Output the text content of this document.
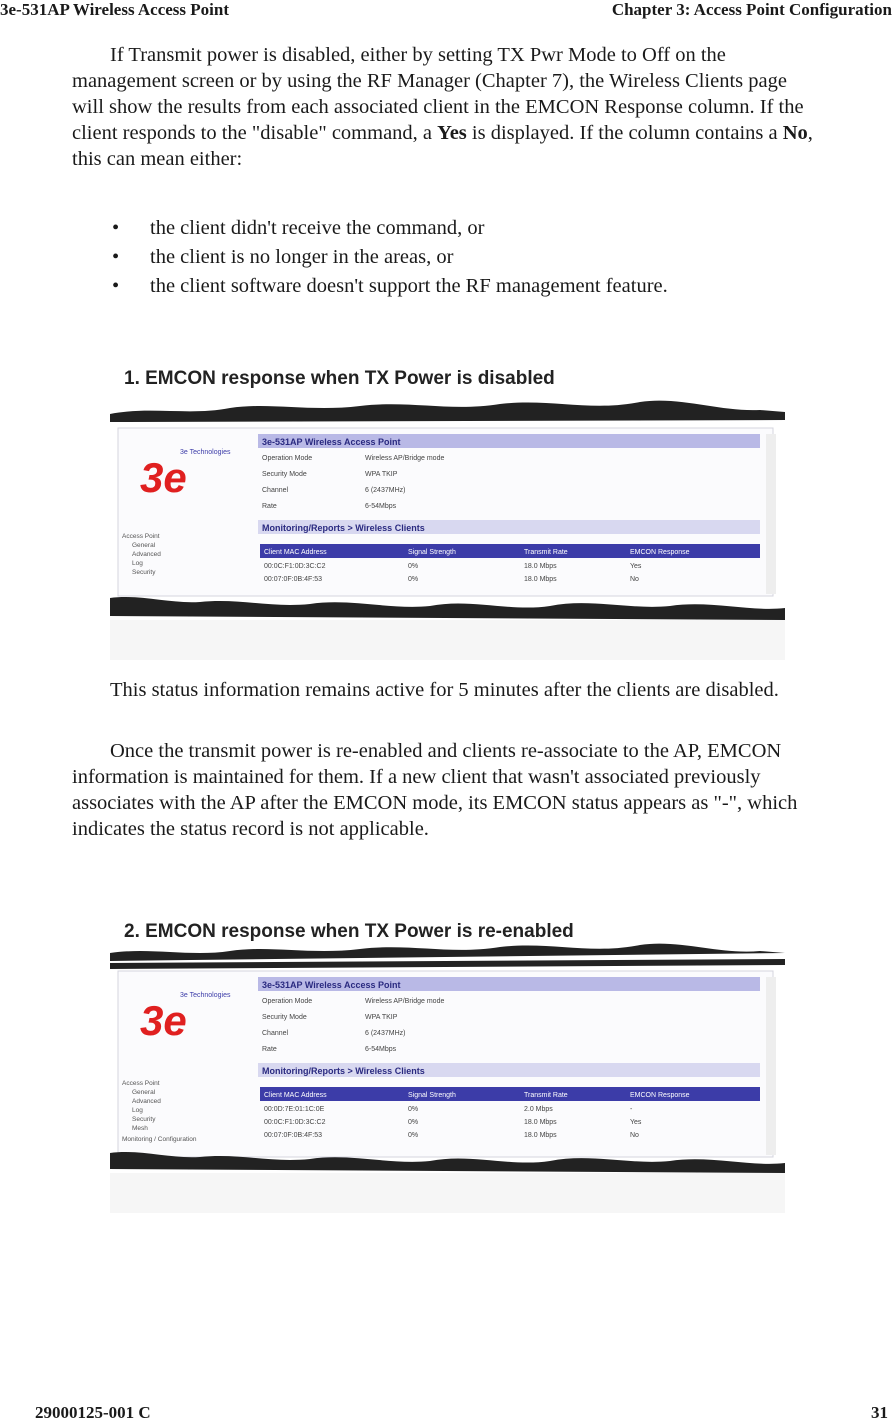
3e-531AP Wireless Access Point	Chapter 3: Access Point Configuration

If Transmit power is disabled, either by setting TX Pwr Mode to Off on the management screen or by using the RF Manager (Chapter 7), the Wireless Clients page will show the results from each associated client in the EMCON Response column. If the client responds to the "disable" command, a Yes is displayed. If the column contains a No, this can mean either:

• the client didn't receive the command, or
• the client is no longer in the areas, or
• the client software doesn't support the RF management feature.
1. EMCON response when TX Power is disabled
3e
3e Technologies
Access Point
General
Advanced
Log
Security
3e-531AP Wireless Access Point
Operation Mode	Wireless AP/Bridge mode
Security Mode	WPA TKIP
Channel	6 (2437MHz)
Rate	6-54Mbps
Monitoring/Reports > Wireless Clients
Client MAC Address	Signal Strength	Transmit Rate	EMCON Response
00:0C:F1:0D:3C:C2	0%	18.0 Mbps	Yes
00:07:0F:0B:4F:53	0%	18.0 Mbps	No

This status information remains active for 5 minutes after the clients are disabled.

Once the transmit power is re-enabled and clients re-associate to the AP, EMCON information is maintained for them. If a new client that wasn't associated previously associates with the AP after the EMCON mode, its EMCON status appears as "-", which indicates the status record is not applicable.

2. EMCON response when TX Power is re-enabled
3e
3e Technologies
Access Point
General
Advanced
Log
Security
Mesh
Monitoring / Configuration
3e-531AP Wireless Access Point
Operation Mode	Wireless AP/Bridge mode
Security Mode	WPA TKIP
Channel	6 (2437MHz)
Rate	6-54Mbps
Monitoring/Reports > Wireless Clients
Client MAC Address	Signal Strength	Transmit Rate	EMCON Response
00:0D:7E:01:1C:0E	0%	2.0 Mbps	-
00:0C:F1:0D:3C:C2	0%	18.0 Mbps	Yes
00:07:0F:0B:4F:53	0%	18.0 Mbps	No
29000125-001 C	31
